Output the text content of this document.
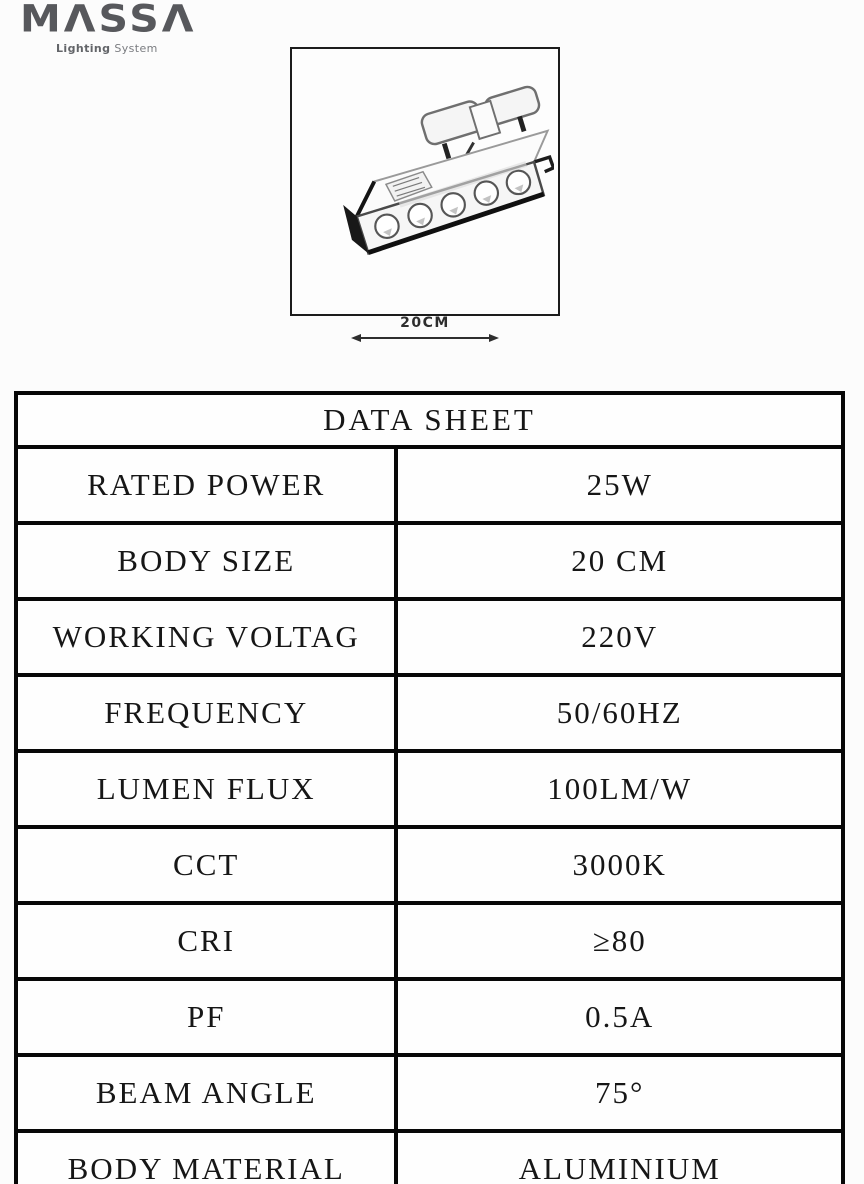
MΛSSΛ
Lighting System
20CM
DATA SHEET	
RATED POWER	25W
BODY SIZE	20 CM
WORKING VOLTAG	220V
FREQUENCY	50/60HZ
LUMEN FLUX	100LM/W
CCT	3000K
CRI	≥80
PF	0.5A
BEAM ANGLE	75°
BODY MATERIAL	ALUMINIUM
